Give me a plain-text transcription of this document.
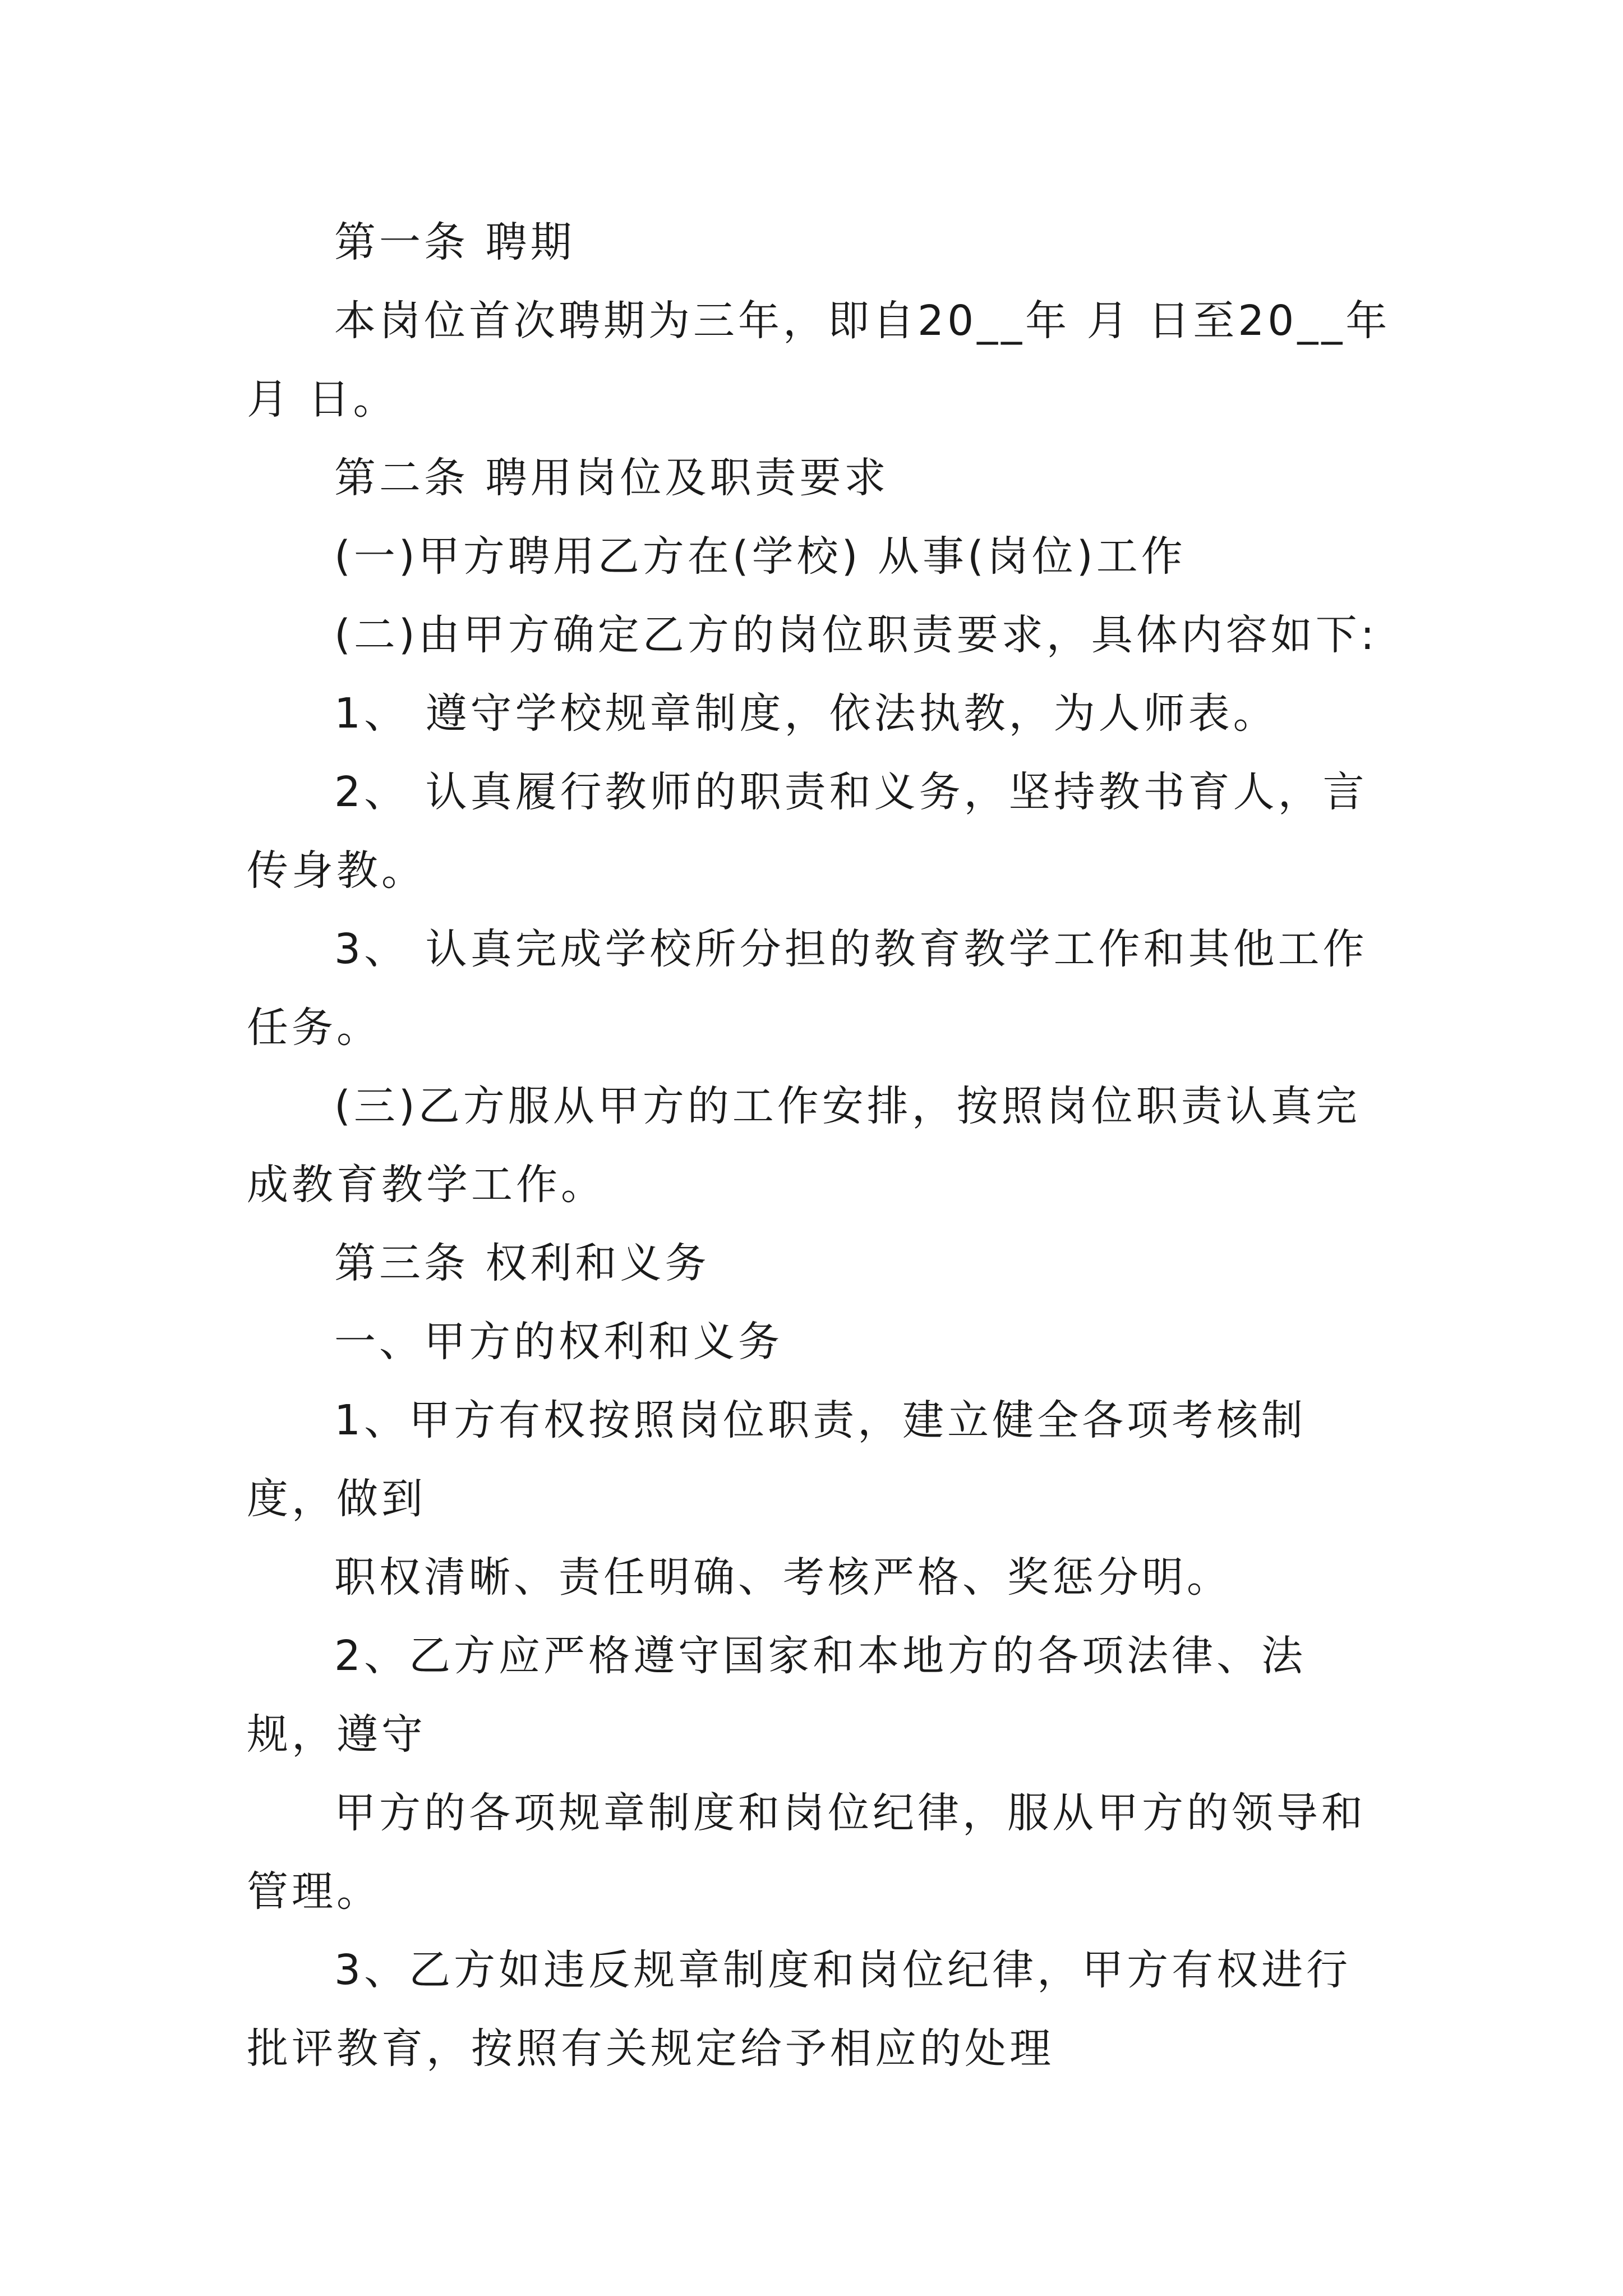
第一条 聘期

本岗位首次聘期为三年，即自20__年 月 日至20__年月 日。

第二条 聘用岗位及职责要求

(一)甲方聘用乙方在(学校) 从事(岗位)工作

(二)由甲方确定乙方的岗位职责要求，具体内容如下:

1、 遵守学校规章制度，依法执教，为人师表。

2、 认真履行教师的职责和义务，坚持教书育人，言传身教。

3、 认真完成学校所分担的教育教学工作和其他工作任务。

(三)乙方服从甲方的工作安排，按照岗位职责认真完成教育教学工作。

第三条 权利和义务

一、甲方的权利和义务

1、甲方有权按照岗位职责，建立健全各项考核制度，做到

职权清晰、责任明确、考核严格、奖惩分明。

2、乙方应严格遵守国家和本地方的各项法律、法规，遵守

甲方的各项规章制度和岗位纪律，服从甲方的领导和管理。

3、乙方如违反规章制度和岗位纪律，甲方有权进行批评教育，按照有关规定给予相应的处理
